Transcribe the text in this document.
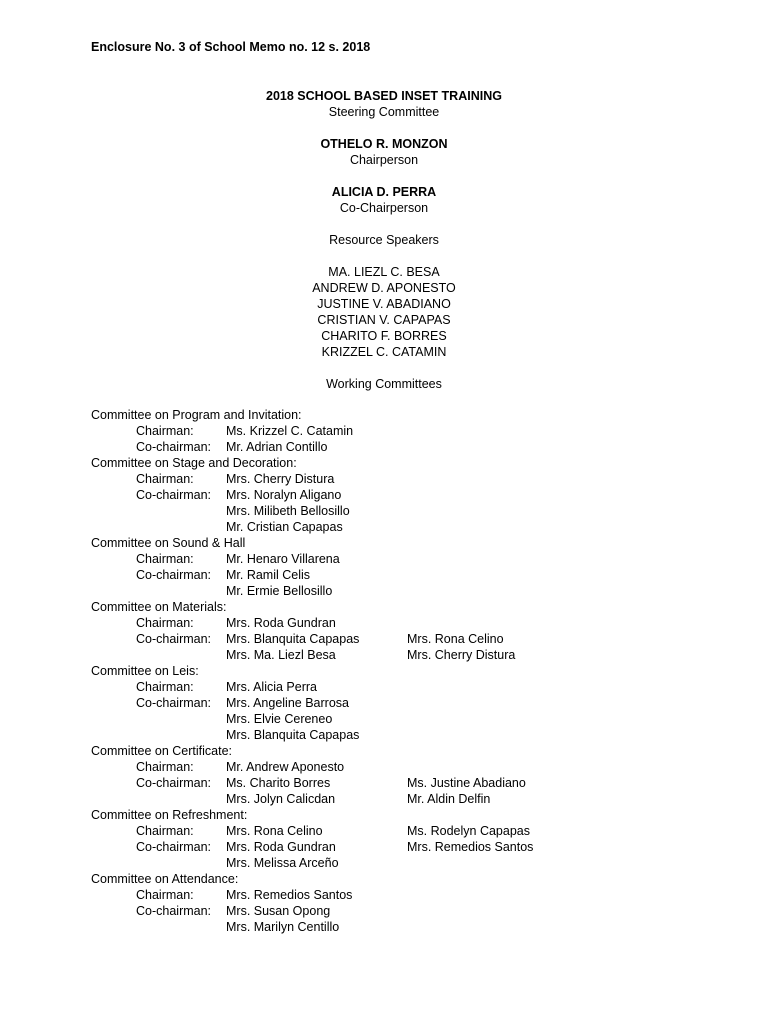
Enclosure No. 3 of School Memo no. 12 s. 2018
2018 SCHOOL BASED INSET TRAINING
Steering Committee
OTHELO R. MONZON
Chairperson
ALICIA D. PERRA
Co-Chairperson
Resource Speakers
MA. LIEZL C. BESA
ANDREW D. APONESTO
JUSTINE V. ABADIANO
CRISTIAN V. CAPAPAS
CHARITO F. BORRES
KRIZZEL C. CATAMIN
Working Committees
Committee on Program and Invitation:
Chairman:	Ms. Krizzel C. Catamin
Co-chairman: Mr. Adrian Contillo
Committee on Stage and Decoration:
Chairman:	Mrs. Cherry Distura
Co-chairman: Mrs. Noralyn Aligano
Mrs. Milibeth Bellosillo
Mr. Cristian Capapas
Committee on Sound & Hall
Chairman:	Mr. Henaro Villarena
Co-chairman: Mr. Ramil Celis
Mr. Ermie Bellosillo
Committee on Materials:
Chairman:	Mrs. Roda Gundran
Co-chairman: Mrs. Blanquita Capapas	Mrs. Rona Celino
Mrs. Ma. Liezl Besa	Mrs. Cherry Distura
Committee on Leis:
Chairman:	Mrs. Alicia Perra
Co-chairman: Mrs. Angeline Barrosa
Mrs. Elvie Cereneo
Mrs. Blanquita Capapas
Committee on Certificate:
Chairman:	Mr. Andrew Aponesto
Co-chairman: Ms. Charito Borres	Ms. Justine Abadiano
Mrs. Jolyn Calicdan	Mr. Aldin Delfin
Committee on Refreshment:
Chairman:	Mrs. Rona Celino	Ms. Rodelyn Capapas
Co-chairman: Mrs. Roda Gundran	Mrs. Remedios Santos
Mrs. Melissa Arceño
Committee on Attendance:
Chairman:	Mrs. Remedios Santos
Co-chairman: Mrs. Susan Opong
Mrs. Marilyn Centillo
